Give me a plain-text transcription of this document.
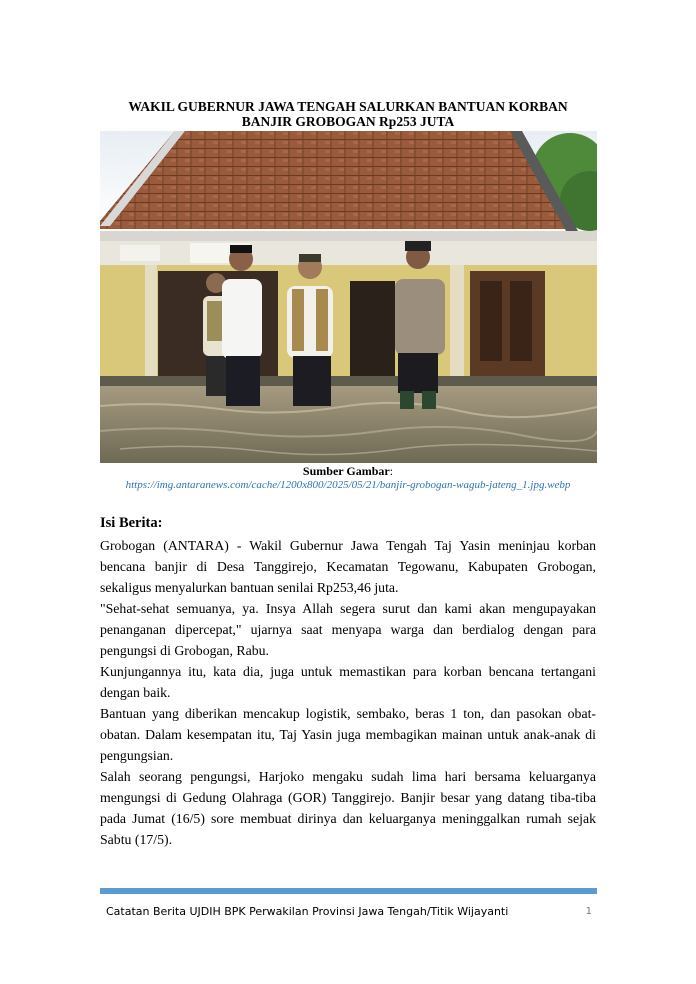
WAKIL GUBERNUR JAWA TENGAH SALURKAN BANTUAN KORBAN
BANJIR GROBOGAN Rp253 JUTA
Sumber Gambar:
https://img.antaranews.com/cache/1200x800/2025/05/21/banjir-grobogan-wagub-jateng_1.jpg.webp
Isi Berita:

Grobogan (ANTARA) - Wakil Gubernur Jawa Tengah Taj Yasin meninjau korban bencana banjir di Desa Tanggirejo, Kecamatan Tegowanu, Kabupaten Grobogan, sekaligus menyalurkan bantuan senilai Rp253,46 juta.

"Sehat-sehat semuanya, ya. Insya Allah segera surut dan kami akan mengupayakan penanganan dipercepat," ujarnya saat menyapa warga dan berdialog dengan para pengungsi di Grobogan, Rabu.

Kunjungannya itu, kata dia, juga untuk memastikan para korban bencana tertangani dengan baik.

Bantuan yang diberikan mencakup logistik, sembako, beras 1 ton, dan pasokan obat-obatan. Dalam kesempatan itu, Taj Yasin juga membagikan mainan untuk anak-anak di pengungsian.

Salah seorang pengungsi, Harjoko mengaku sudah lima hari bersama keluarganya mengungsi di Gedung Olahraga (GOR) Tanggirejo. Banjir besar yang datang tiba-tiba pada Jumat (16/5) sore membuat dirinya dan keluarganya meninggalkan rumah sejak Sabtu (17/5).

Catatan Berita UJDIH BPK Perwakilan Provinsi Jawa Tengah/Titik Wijayanti	1
